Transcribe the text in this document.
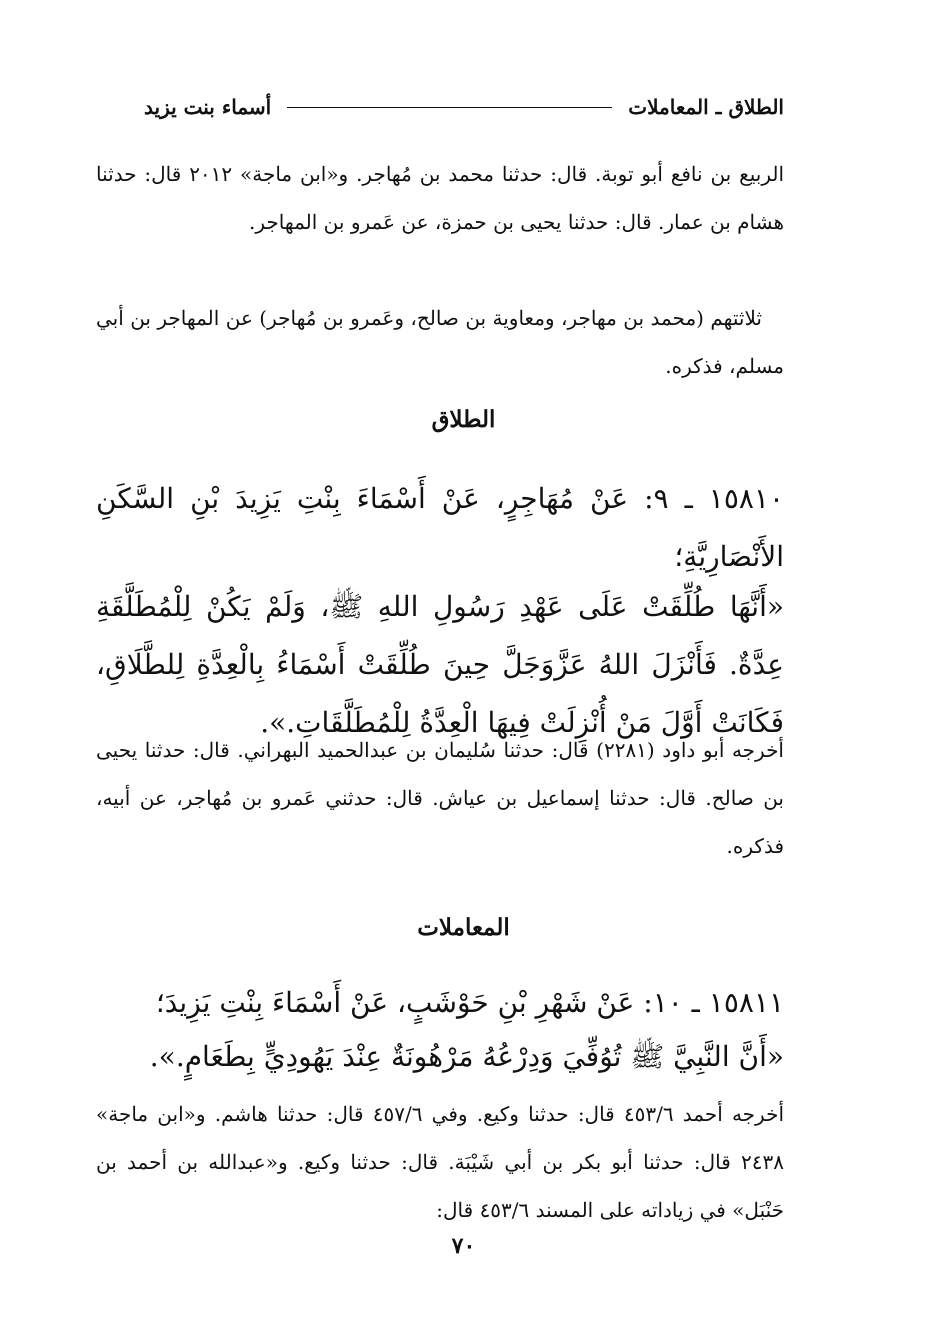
الطلاق ـ المعاملات
أسماء بنت يزيد

الربيع بن نافع أبو توبة. قال: حدثنا محمد بن مُهاجر. و«ابن ماجة» ٢٠١٢ قال: حدثنا هشام بن عمار. قال: حدثنا يحيى بن حمزة، عن عَمرو بن المهاجر.

ثلاثتهم (محمد بن مهاجر، ومعاوية بن صالح، وعَمرو بن مُهاجر) عن المهاجر بن أبي مسلم، فذكره.

الطلاق

١٥٨١٠ ـ ٩: عَنْ مُهَاجِرٍ، عَنْ أَسْمَاءَ بِنْتِ يَزِيدَ بْنِ السَّكَنِ الأَنْصَارِيَّةِ؛

«أَنَّهَا طُلِّقَتْ عَلَى عَهْدِ رَسُولِ اللهِ ﷺ، وَلَمْ يَكُنْ لِلْمُطَلَّقَةِ عِدَّةٌ. فَأَنْزَلَ اللهُ عَزَّوَجَلَّ حِينَ طُلِّقَتْ أَسْمَاءُ بِالْعِدَّةِ لِلطَّلَاقِ، فَكَانَتْ أَوَّلَ مَنْ أُنْزِلَتْ فِيهَا الْعِدَّةُ لِلْمُطَلَّقَاتِ.».

أخرجه أبو داود (٢٢٨١) قال: حدثنا سُليمان بن عبدالحميد البهراني. قال: حدثنا يحيى بن صالح. قال: حدثنا إسماعيل بن عياش. قال: حدثني عَمرو بن مُهاجر، عن أبيه، فذكره.

المعاملات

١٥٨١١ ـ ١٠: عَنْ شَهْرِ بْنِ حَوْشَبٍ، عَنْ أَسْمَاءَ بِنْتِ يَزِيدَ؛

«أَنَّ النَّبِيَّ ﷺ تُوُفِّيَ وَدِرْعُهُ مَرْهُونَةٌ عِنْدَ يَهُودِيٍّ بِطَعَامٍ.».

أخرجه أحمد ٤٥٣/٦ قال: حدثنا وكيع. وفي ٤٥٧/٦ قال: حدثنا هاشم. و«ابن ماجة» ٢٤٣٨ قال: حدثنا أبو بكر بن أبي شَيْبَة. قال: حدثنا وكيع. و«عبدالله بن أحمد بن حَنْبَل» في زياداته على المسند ٤٥٣/٦ قال:

٧٠
